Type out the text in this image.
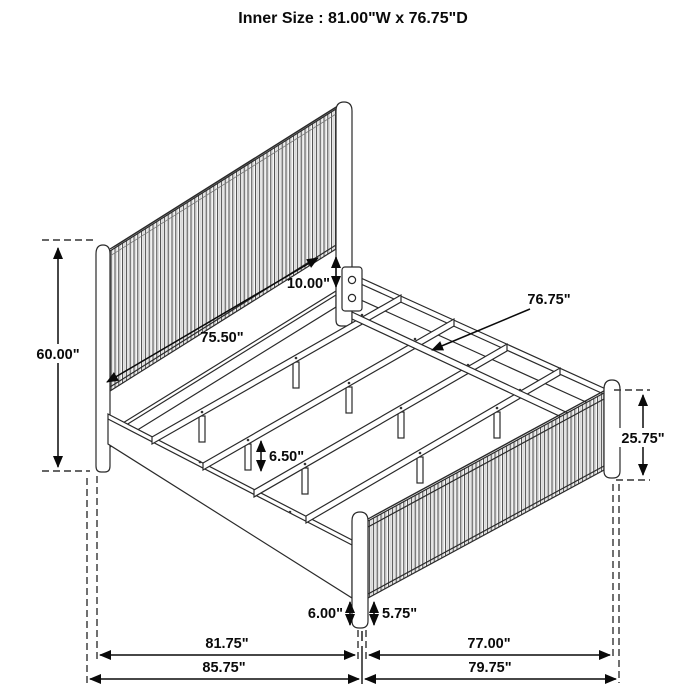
Inner Size : 81.00"W x 76.75"D
60.00"
25.75"
10.00"
75.50"
76.75"
6.50"
6.00"	5.75"
81.75"	77.00"
85.75"	79.75"
